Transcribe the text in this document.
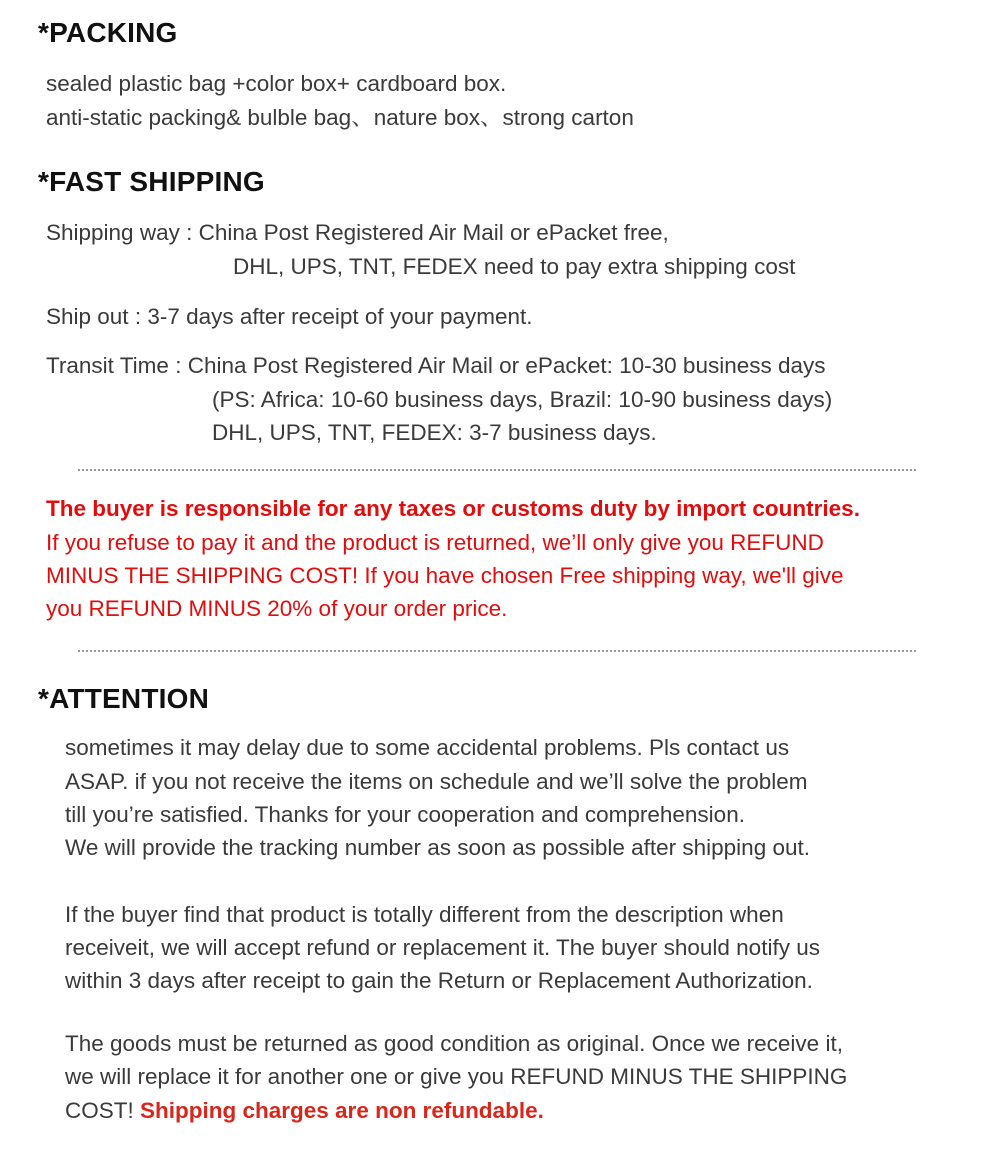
*PACKING
sealed plastic bag +color box+ cardboard box.
anti-static packing& bulble bag、nature box、strong carton
*FAST SHIPPING
Shipping way : China Post Registered Air Mail or ePacket free,
DHL, UPS, TNT, FEDEX need to pay extra shipping cost
Ship out : 3-7 days after receipt of your payment.
Transit Time : China Post Registered Air Mail or ePacket: 10-30 business days
(PS: Africa: 10-60 business days, Brazil: 10-90 business days)
DHL, UPS, TNT, FEDEX: 3-7 business days.
The buyer is responsible for any taxes or customs duty by import countries.
If you refuse to pay it and the product is returned, we’ll only give you REFUND
MINUS THE SHIPPING COST! If you have chosen Free shipping way, we'll give
you REFUND MINUS 20% of your order price.
*ATTENTION
sometimes it may delay due to some accidental problems. Pls contact us
ASAP. if you not receive the items on schedule and we’ll solve the problem
till you’re satisfied. Thanks for your cooperation and comprehension.
We will provide the tracking number as soon as possible after shipping out.
If the buyer find that product is totally different from the description when
receiveit, we will accept refund or replacement it. The buyer should notify us
within 3 days after receipt to gain the Return or Replacement Authorization.
The goods must be returned as good condition as original. Once we receive it,
we will replace it for another one or give you REFUND MINUS THE SHIPPING
COST! Shipping charges are non refundable.
